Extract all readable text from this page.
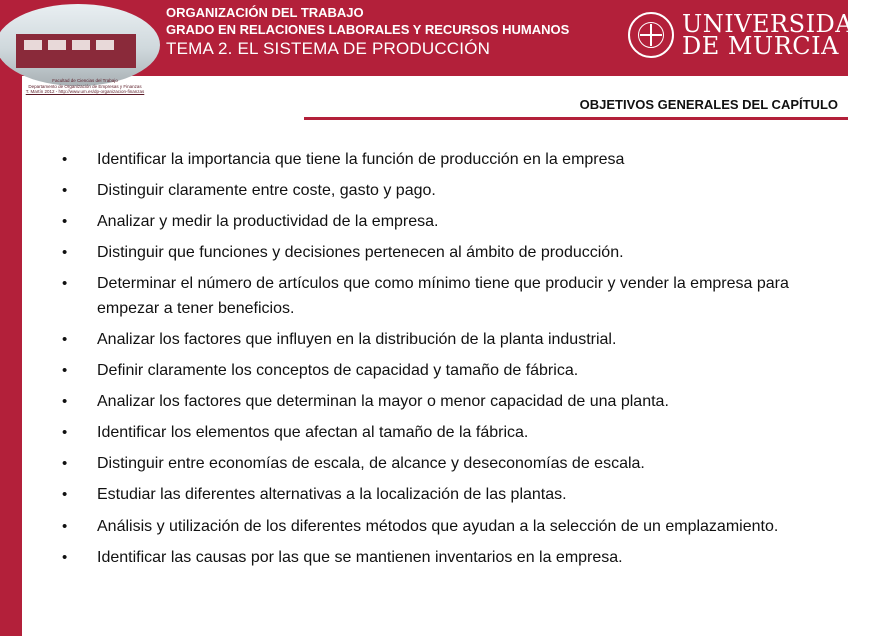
ORGANIZACIÓN DEL TRABAJO
GRADO EN RELACIONES LABORALES Y RECURSOS HUMANOS
TEMA 2. EL SISTEMA DE PRODUCCIÓN
Facultad de Ciencias del Trabajo
Departamento de Organización de Empresas y Finanzas
T. Martín 2012 - http://www.um.es/dp-organizacion-finanzas
UNIVERSIDAD
DE MURCIA
OBJETIVOS GENERALES DEL CAPÍTULO
•	Identificar la importancia que tiene la función de producción en la empresa
•	Distinguir claramente entre coste, gasto y pago.
•	Analizar y medir la productividad de la empresa.
•	Distinguir que funciones y decisiones pertenecen al ámbito de producción.
•	Determinar el número de artículos que como mínimo tiene que producir y vender la empresa para empezar a tener beneficios.
•	Analizar los factores que influyen en la distribución de la planta industrial.
•	Definir claramente los conceptos de capacidad y tamaño de fábrica.
•	Analizar los factores que determinan la mayor o menor capacidad de una planta.
•	Identificar los elementos que afectan al tamaño de la fábrica.
•	Distinguir entre economías de escala, de alcance y deseconomías de escala.
•	Estudiar las diferentes alternativas a la localización de las plantas.
•	Análisis y utilización de los diferentes métodos que ayudan a la selección de un emplazamiento.
•	Identificar las causas por las que se mantienen inventarios en la empresa.
